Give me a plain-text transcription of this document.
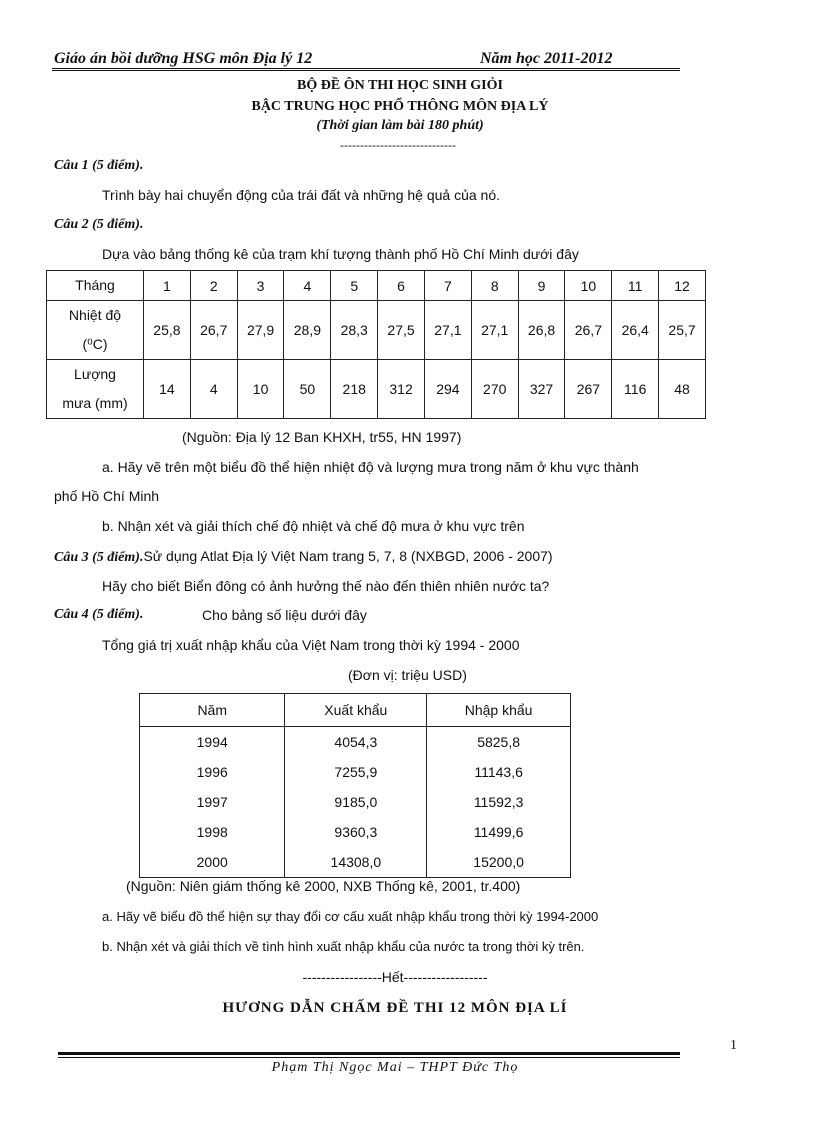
Giáo án bồi dưỡng HSG môn Địa lý 12	Năm học 2011-2012
BỘ ĐỀ ÔN THI HỌC SINH GIỎI
BẬC TRUNG HỌC PHỔ THÔNG MÔN ĐỊA LÝ
(Thời gian làm bài 180 phút)
-----------------------------
Câu 1 (5 điểm).
Trình bày hai chuyển động của trái đất và những hệ quả của nó.
Câu 2 (5 điểm).
Dựa vào bảng thống kê của trạm khí tượng thành phố Hồ Chí Minh dưới đây
Tháng	1	2	3	4	5	6	7	8	9	10	11	12

Nhiệt độ
(⁰C)	25,8	26,7	27,9	28,9	28,3	27,5	27,1	27,1	26,8	26,7	26,4	25,7

Lượng
mưa (mm)	14	4	10	50	218	312	294	270	327	267	116	48
(Nguồn: Địa lý 12 Ban KHXH, tr55, HN 1997)
a. Hãy vẽ trên một biểu đồ thể hiện nhiệt độ và lượng mưa trong năm ở khu vực thành
phố Hồ Chí Minh
b. Nhận xét và giải thích chế độ nhiệt và chế độ mưa ở khu vực trên
Câu 3 (5 điểm).Sử dụng Atlat Địa lý Việt Nam trang 5, 7, 8 (NXBGD, 2006 - 2007)
Hãy cho biết Biển đông có ảnh hưởng thế nào đến thiên nhiên nước ta?
Câu 4 (5 điểm).	Cho bảng số liệu dưới đây
Tổng giá trị xuất nhập khẩu của Việt Nam trong thời kỳ 1994 - 2000
(Đơn vị: triệu USD)
Năm	Xuất khẩu	Nhập khẩu
1994	4054,3	5825,8
1996	7255,9	11143,6
1997	9185,0	11592,3
1998	9360,3	11499,6
2000	14308,0	15200,0
(Nguồn: Niên giám thống kê 2000, NXB Thống kê, 2001, tr.400)
a. Hãy vẽ biểu đồ thể hiện sự thay đổi cơ cấu xuất nhập khẩu trong thời kỳ 1994-2000
b. Nhận xét và giải thích về tình hình xuất nhập khẩu của nước ta trong thời kỳ trên.
-----------------Hết------------------
HƯƠNG DẪN CHẤM ĐỀ THI 12 MÔN ĐỊA LÍ
1
Phạm Thị Ngọc Mai – THPT Đức Thọ
